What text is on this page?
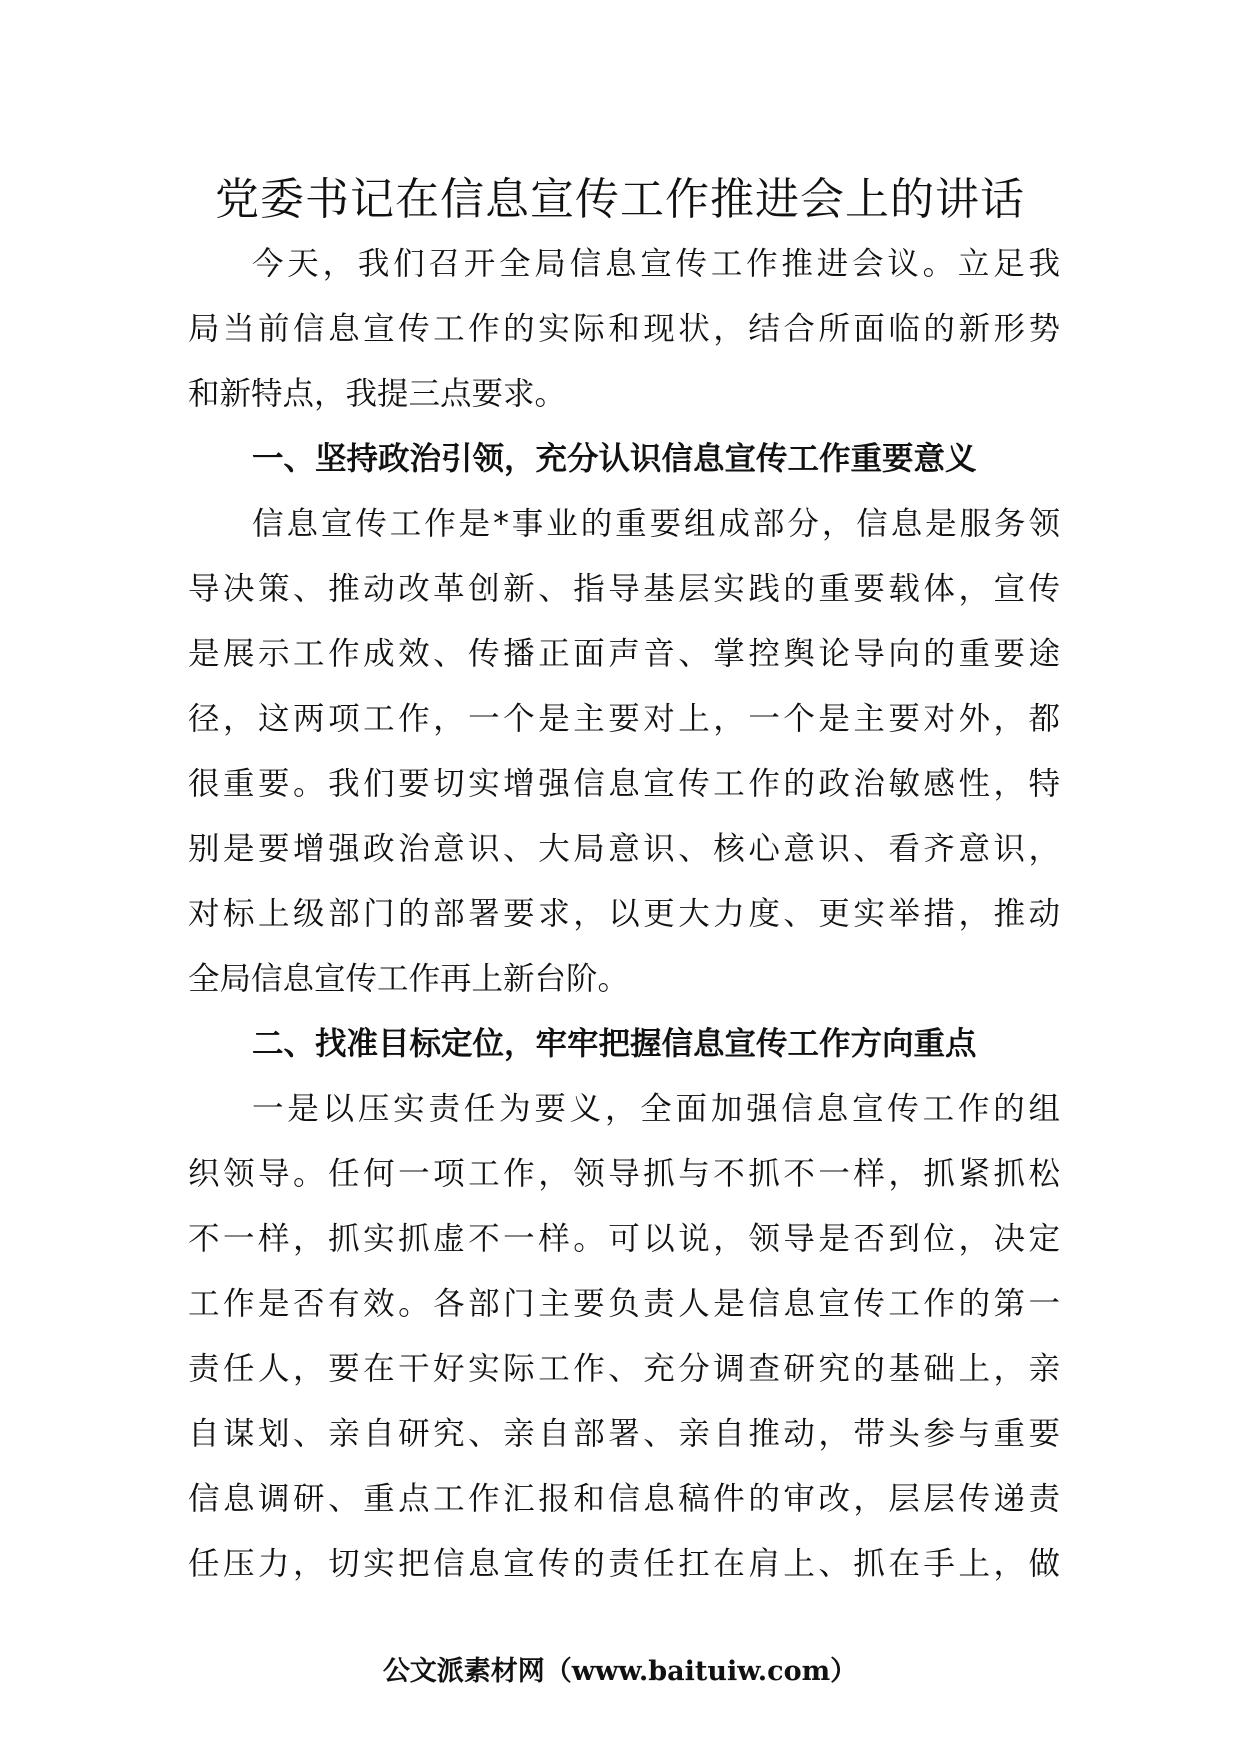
党委书记在信息宣传工作推进会上的讲话
今天，我们召开全局信息宣传工作推进会议。立足我
局当前信息宣传工作的实际和现状，结合所面临的新形势
和新特点，我提三点要求。
一、坚持政治引领，充分认识信息宣传工作重要意义
信息宣传工作是*事业的重要组成部分，信息是服务领
导决策、推动改革创新、指导基层实践的重要载体，宣传
是展示工作成效、传播正面声音、掌控舆论导向的重要途
径，这两项工作，一个是主要对上，一个是主要对外，都
很重要。我们要切实增强信息宣传工作的政治敏感性，特
别是要增强政治意识、大局意识、核心意识、看齐意识，
对标上级部门的部署要求，以更大力度、更实举措，推动
全局信息宣传工作再上新台阶。
二、找准目标定位，牢牢把握信息宣传工作方向重点
一是以压实责任为要义，全面加强信息宣传工作的组
织领导。任何一项工作，领导抓与不抓不一样，抓紧抓松
不一样，抓实抓虚不一样。可以说，领导是否到位，决定
工作是否有效。各部门主要负责人是信息宣传工作的第一
责任人，要在干好实际工作、充分调查研究的基础上，亲
自谋划、亲自研究、亲自部署、亲自推动，带头参与重要
信息调研、重点工作汇报和信息稿件的审改，层层传递责
任压力，切实把信息宣传的责任扛在肩上、抓在手上，做
公文派素材网（www.baituiw.com）
